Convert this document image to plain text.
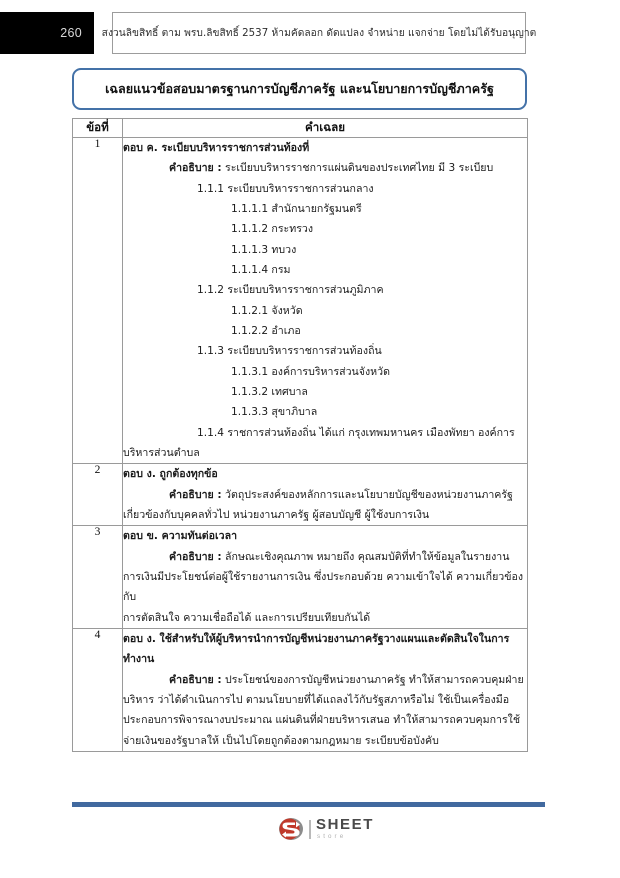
260 สงวนลิขสิทธิ์ ตาม พรบ.ลิขสิทธิ์ 2537 ห้ามคัดลอก ดัดแปลง จำหน่าย แจกจ่าย โดยไม่ได้รับอนุญาต
เฉลยแนวข้อสอบมาตรฐานการบัญชีภาครัฐ และนโยบายการบัญชีภาครัฐ
ข้อที่	คำเฉลย
1	ตอบ ค. ระเบียบบริหารราชการส่วนท้องที่
คำอธิบาย : ระเบียบบริหารราชการแผ่นดินของประเทศไทย มี 3 ระเบียบ
1.1.1 ระเบียบบริหารราชการส่วนกลาง
1.1.1.1 สำนักนายกรัฐมนตรี
1.1.1.2 กระทรวง
1.1.1.3 ทบวง
1.1.1.4 กรม
1.1.2 ระเบียบบริหารราชการส่วนภูมิภาค
1.1.2.1 จังหวัด
1.1.2.2 อำเภอ
1.1.3 ระเบียบบริหารราชการส่วนท้องถิ่น
1.1.3.1 องค์การบริหารส่วนจังหวัด
1.1.3.2 เทศบาล
1.1.3.3 สุขาภิบาล
1.1.4 ราชการส่วนท้องถิ่น ได้แก่ กรุงเทพมหานคร เมืองพัทยา องค์การ
บริหารส่วนตำบล

2	ตอบ ง. ถูกต้องทุกข้อ
คำอธิบาย : วัตถุประสงค์ของหลักการและนโยบายบัญชีของหน่วยงานภาครัฐ
เกี่ยวข้องกับบุคคลทั่วไป หน่วยงานภาครัฐ ผู้สอบบัญชี ผู้ใช้งบการเงิน

3	ตอบ ข. ความทันต่อเวลา
คำอธิบาย : ลักษณะเชิงคุณภาพ หมายถึง คุณสมบัติที่ทำให้ข้อมูลในรายงาน
การเงินมีประโยชน์ต่อผู้ใช้รายงานการเงิน ซึ่งประกอบด้วย ความเข้าใจได้ ความเกี่ยวข้องกับ
การตัดสินใจ ความเชื่อถือได้ และการเปรียบเทียบกันได้

4	ตอบ ง. ใช้สำหรับให้ผู้บริหารนำการบัญชีหน่วยงานภาครัฐวางแผนและตัดสินใจในการ
ทำงาน
คำอธิบาย : ประโยชน์ของการบัญชีหน่วยงานภาครัฐ ทำให้สามารถควบคุมฝ่าย
บริหาร ว่าได้ดำเนินการไป ตามนโยบายที่ได้แถลงไว้กับรัฐสภาหรือไม่ ใช้เป็นเครื่องมือ
ประกอบการพิจารณางบประมาณ แผ่นดินที่ฝ่ายบริหารเสนอ ทำให้สามารถควบคุมการใช้
จ่ายเงินของรัฐบาลให้ เป็นไปโดยถูกต้องตามกฎหมาย ระเบียบข้อบังคับ
SHEET
store
